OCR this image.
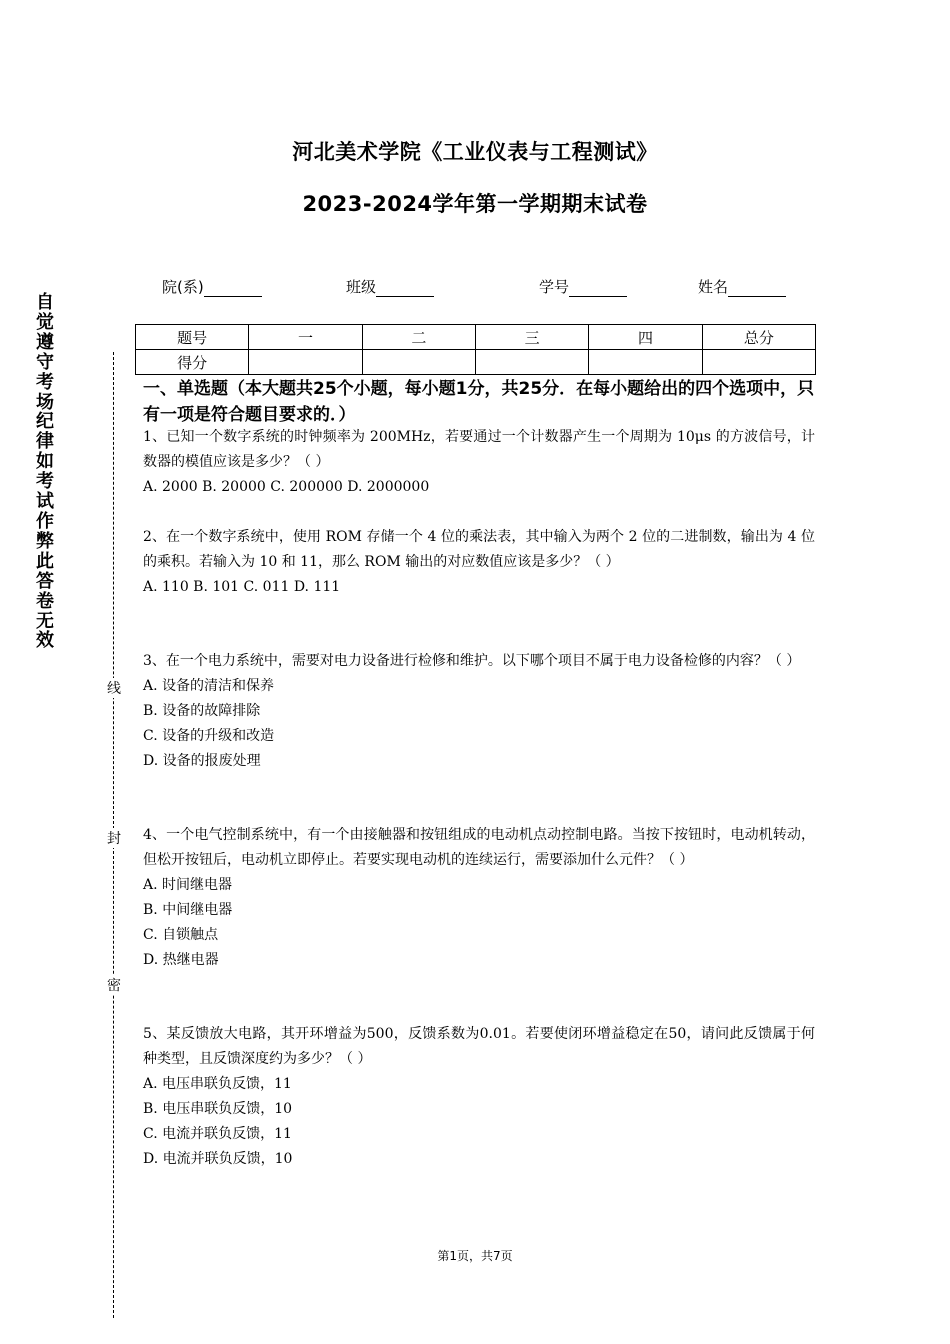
河北美术学院《工业仪表与工程测试》
2023-2024学年第一学期期末试卷
院(系)	班级	学号	姓名
题号	一	二	三	四	总分
得分					
自觉遵守考场纪律如考试作弊此答卷无效
线
封
密
一、单选题（本大题共25个小题，每小题1分，共25分．在每小题给出的四个选项中，只有一项是符合题目要求的．）
1、已知一个数字系统的时钟频率为 200MHz，若要通过一个计数器产生一个周期为 10μs 的方波信号，计数器的模值应该是多少？（ ）
A. 2000 B. 20000 C. 200000 D. 2000000
2、在一个数字系统中，使用 ROM 存储一个 4 位的乘法表，其中输入为两个 2 位的二进制数，输出为 4 位的乘积。若输入为 10 和 11，那么 ROM 输出的对应数值应该是多少？（ ）
A. 110 B. 101 C. 011 D. 111
3、在一个电力系统中，需要对电力设备进行检修和维护。以下哪个项目不属于电力设备检修的内容？（ ）
A. 设备的清洁和保养
B. 设备的故障排除
C. 设备的升级和改造
D. 设备的报废处理
4、一个电气控制系统中，有一个由接触器和按钮组成的电动机点动控制电路。当按下按钮时，电动机转动，但松开按钮后，电动机立即停止。若要实现电动机的连续运行，需要添加什么元件？（ ）
A. 时间继电器
B. 中间继电器
C. 自锁触点
D. 热继电器
5、某反馈放大电路，其开环增益为500，反馈系数为0.01。若要使闭环增益稳定在50，请问此反馈属于何种类型，且反馈深度约为多少？（ ）
A. 电压串联负反馈，11
B. 电压串联负反馈，10
C. 电流并联负反馈，11
D. 电流并联负反馈，10
第1页，共7页
